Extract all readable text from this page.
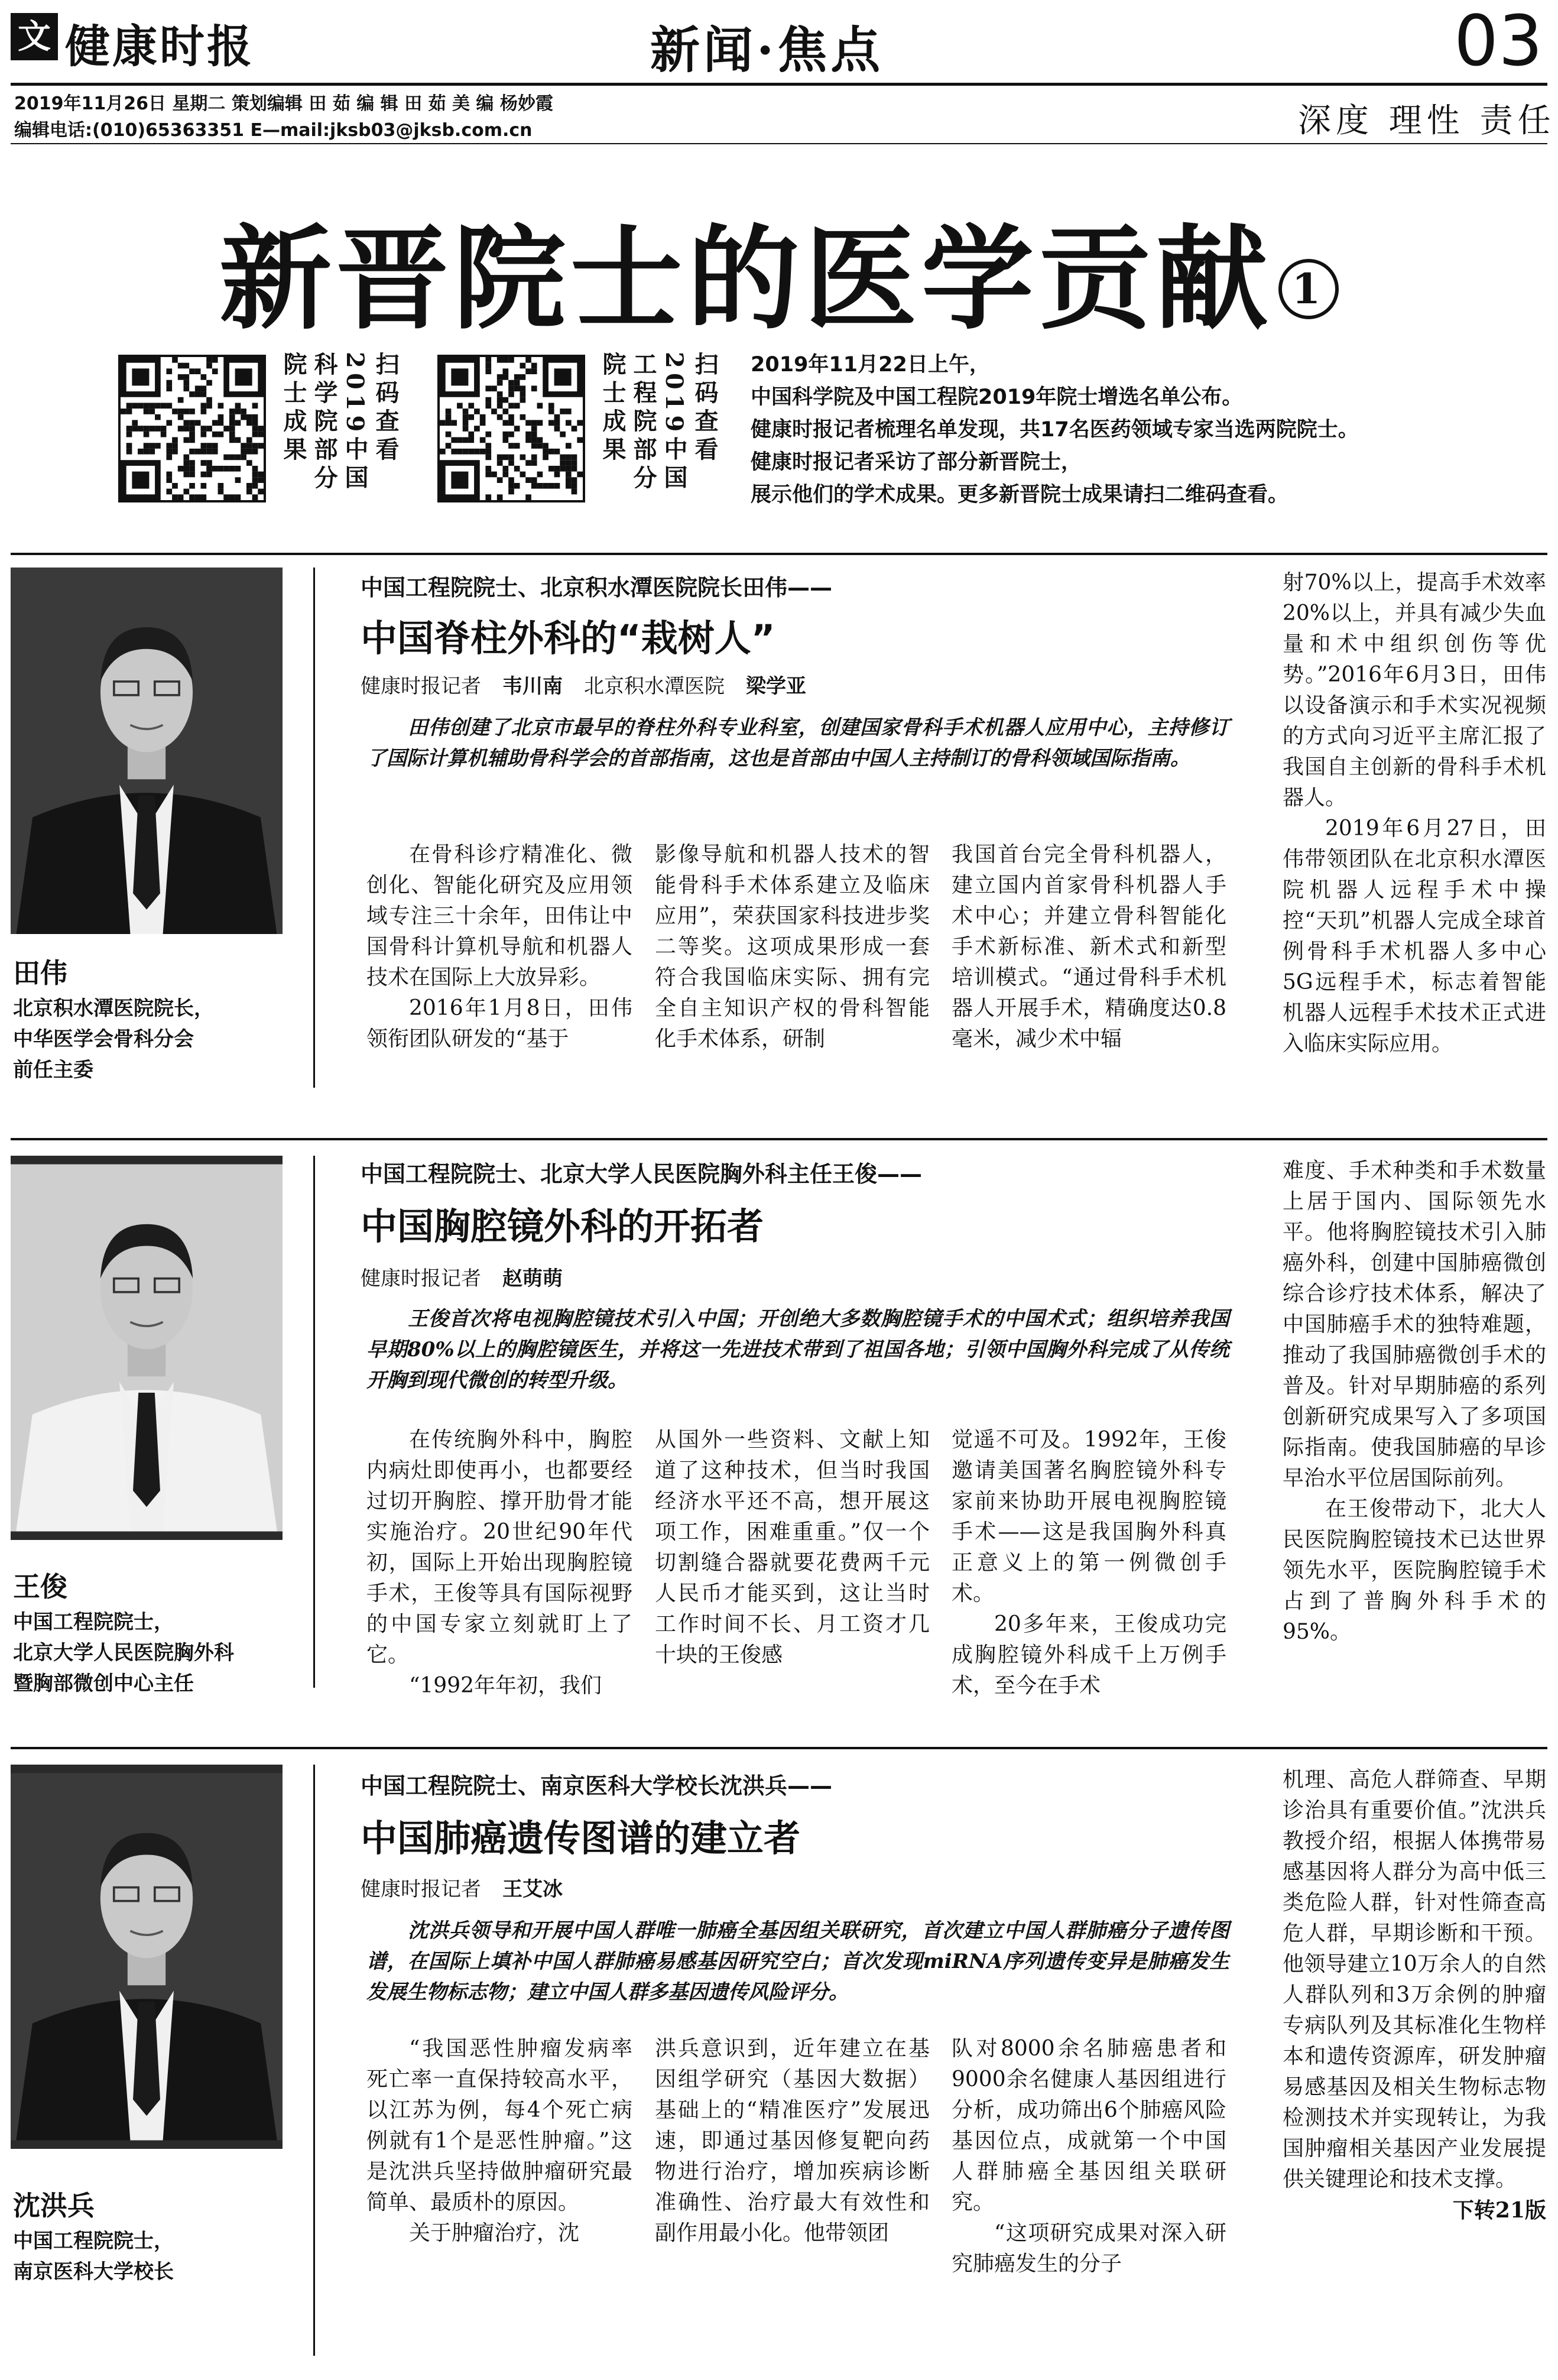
文 健康时报	新闻·焦点	03
2019年11月26日 星期二 策划编辑 田 茹 编 辑 田 茹 美 编 杨妙霞
编辑电话:(010)65363351 E—mail:jksb03@jksb.com.cn	深度 理性 责任
新晋院士的医学贡献 1
扫码查看2019中国科学院部分院士成果	扫码查看2019中国工程院部分院士成果	2019年11月22日上午，

中国科学院及中国工程院2019年院士增选名单公布。

健康时报记者梳理名单发现，共17名医药领域专家当选两院院士。

健康时报记者采访了部分新晋院士，

展示他们的学术成果。更多新晋院士成果请扫二维码查看。

田伟

北京积水潭医院院长，

中华医学会骨科分会

前任主委

中国工程院院士、北京积水潭医院院长田伟——
中国脊柱外科的“栽树人”
健康时报记者 韦川南 北京积水潭医院 梁学亚
田伟创建了北京市最早的脊柱外科专业科室，创建国家骨科手术机器人应用中心，主持修订了国际计算机辅助骨科学会的首部指南，这也是首部由中国人主持制订的骨科领域国际指南。

在骨科诊疗精准化、微创化、智能化研究及应用领域专注三十余年，田伟让中国骨科计算机导航和机器人技术在国际上大放异彩。

2016年1月8日，田伟领衔团队研发的“基于

影像导航和机器人技术的智能骨科手术体系建立及临床应用”，荣获国家科技进步奖二等奖。这项成果形成一套符合我国临床实际、拥有完全自主知识产权的骨科智能化手术体系，研制

我国首台完全骨科机器人，建立国内首家骨科机器人手术中心；并建立骨科智能化手术新标准、新术式和新型培训模式。“通过骨科手术机器人开展手术，精确度达0.8毫米，减少术中辐

射70%以上，提高手术效率20%以上，并具有减少失血量和术中组织创伤等优势。”2016年6月3日，田伟以设备演示和手术实况视频的方式向习近平主席汇报了我国自主创新的骨科手术机器人。

2019年6月27日，田伟带领团队在北京积水潭医院机器人远程手术中操控“天玑”机器人完成全球首例骨科手术机器人多中心5G远程手术，标志着智能机器人远程手术技术正式进入临床实际应用。

王俊

中国工程院院士，

北京大学人民医院胸外科

暨胸部微创中心主任

中国工程院院士、北京大学人民医院胸外科主任王俊——
中国胸腔镜外科的开拓者
健康时报记者 赵萌萌
王俊首次将电视胸腔镜技术引入中国；开创绝大多数胸腔镜手术的中国术式；组织培养我国早期80%以上的胸腔镜医生，并将这一先进技术带到了祖国各地；引领中国胸外科完成了从传统开胸到现代微创的转型升级。

在传统胸外科中，胸腔内病灶即使再小，也都要经过切开胸腔、撑开肋骨才能实施治疗。20世纪90年代初，国际上开始出现胸腔镜手术，王俊等具有国际视野的中国专家立刻就盯上了它。

“1992年年初，我们

从国外一些资料、文献上知道了这种技术，但当时我国经济水平还不高，想开展这项工作，困难重重。”仅一个切割缝合器就要花费两千元人民币才能买到，这让当时工作时间不长、月工资才几十块的王俊感

觉遥不可及。1992年，王俊邀请美国著名胸腔镜外科专家前来协助开展电视胸腔镜手术——这是我国胸外科真正意义上的第一例微创手术。

20多年来，王俊成功完成胸腔镜外科成千上万例手术，至今在手术

难度、手术种类和手术数量上居于国内、国际领先水平。他将胸腔镜技术引入肺癌外科，创建中国肺癌微创综合诊疗技术体系，解决了中国肺癌手术的独特难题，推动了我国肺癌微创手术的普及。针对早期肺癌的系列创新研究成果写入了多项国际指南。使我国肺癌的早诊早治水平位居国际前列。

在王俊带动下，北大人民医院胸腔镜技术已达世界领先水平，医院胸腔镜手术占到了普胸外科手术的95%。

沈洪兵

中国工程院院士，

南京医科大学校长

中国工程院院士、南京医科大学校长沈洪兵——
中国肺癌遗传图谱的建立者
健康时报记者 王艾冰
沈洪兵领导和开展中国人群唯一肺癌全基因组关联研究，首次建立中国人群肺癌分子遗传图谱，在国际上填补中国人群肺癌易感基因研究空白；首次发现miRNA序列遗传变异是肺癌发生发展生物标志物；建立中国人群多基因遗传风险评分。

“我国恶性肿瘤发病率死亡率一直保持较高水平，以江苏为例，每4个死亡病例就有1个是恶性肿瘤。”这是沈洪兵坚持做肿瘤研究最简单、最质朴的原因。

关于肿瘤治疗，沈

洪兵意识到，近年建立在基因组学研究（基因大数据）基础上的“精准医疗”发展迅速，即通过基因修复靶向药物进行治疗，增加疾病诊断准确性、治疗最大有效性和副作用最小化。他带领团

队对8000余名肺癌患者和9000余名健康人基因组进行分析，成功筛出6个肺癌风险基因位点，成就第一个中国人群肺癌全基因组关联研究。

“这项研究成果对深入研究肺癌发生的分子

机理、高危人群筛查、早期诊治具有重要价值。”沈洪兵教授介绍，根据人体携带易感基因将人群分为高中低三类危险人群，针对性筛查高危人群，早期诊断和干预。他领导建立10万余人的自然人群队列和3万余例的肿瘤专病队列及其标准化生物样本和遗传资源库，研发肿瘤易感基因及相关生物标志物检测技术并实现转让，为我国肿瘤相关基因产业发展提供关键理论和技术支撑。
下转21版
